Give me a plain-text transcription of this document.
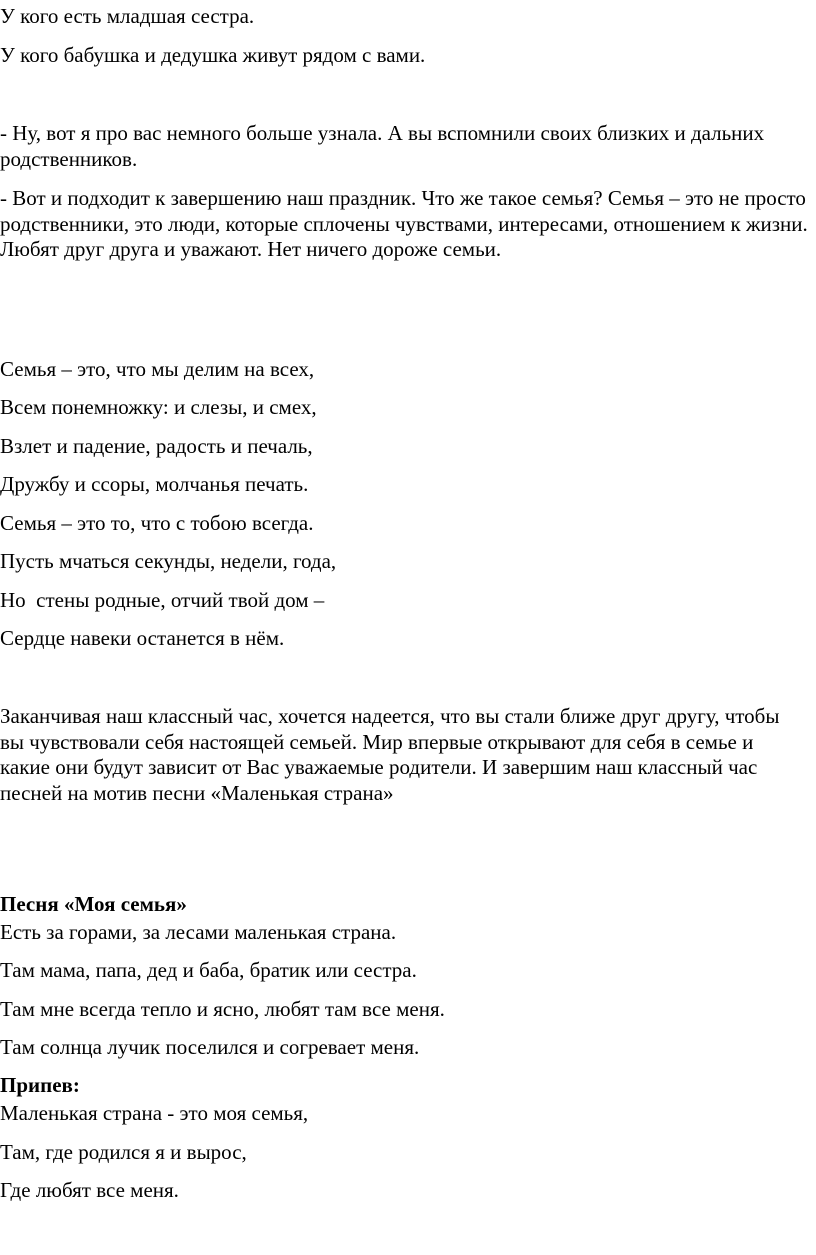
У кого есть младшая сестра.

У кого бабушка и дедушка живут рядом с вами.

- Ну, вот я про вас немного больше узнала. А вы вспомнили своих близких и дальних родственников.

- Вот и подходит к завершению наш праздник. Что же такое семья? Семья – это не просто родственники, это люди, которые сплочены чувствами, интересами, отношением к жизни. Любят друг друга и уважают. Нет ничего дороже семьи.

Семья – это, что мы делим на всех,

Всем понемножку: и слезы, и смех,

Взлет и падение, радость и печаль,

Дружбу и ссоры, молчанья печать.

Семья – это то, что с тобою всегда.

Пусть мчаться секунды, недели, года,

Но  стены родные, отчий твой дом –

Сердце навеки останется в нём.

Заканчивая наш классный час, хочется надеется, что вы стали ближе друг другу, чтобы вы чувствовали себя настоящей семьей. Мир впервые открывают для себя в семье и какие они будут зависит от Вас уважаемые родители. И завершим наш классный час песней на мотив песни «Маленькая страна»

Песня «Моя семья»

Есть за горами, за лесами маленькая страна.

Там мама, папа, дед и баба, братик или сестра.

Там мне всегда тепло и ясно, любят там все меня.

Там солнца лучик поселился и согревает меня.

Припев:

Маленькая страна - это моя семья,

Там, где родился я и вырос,

Где любят все меня.
